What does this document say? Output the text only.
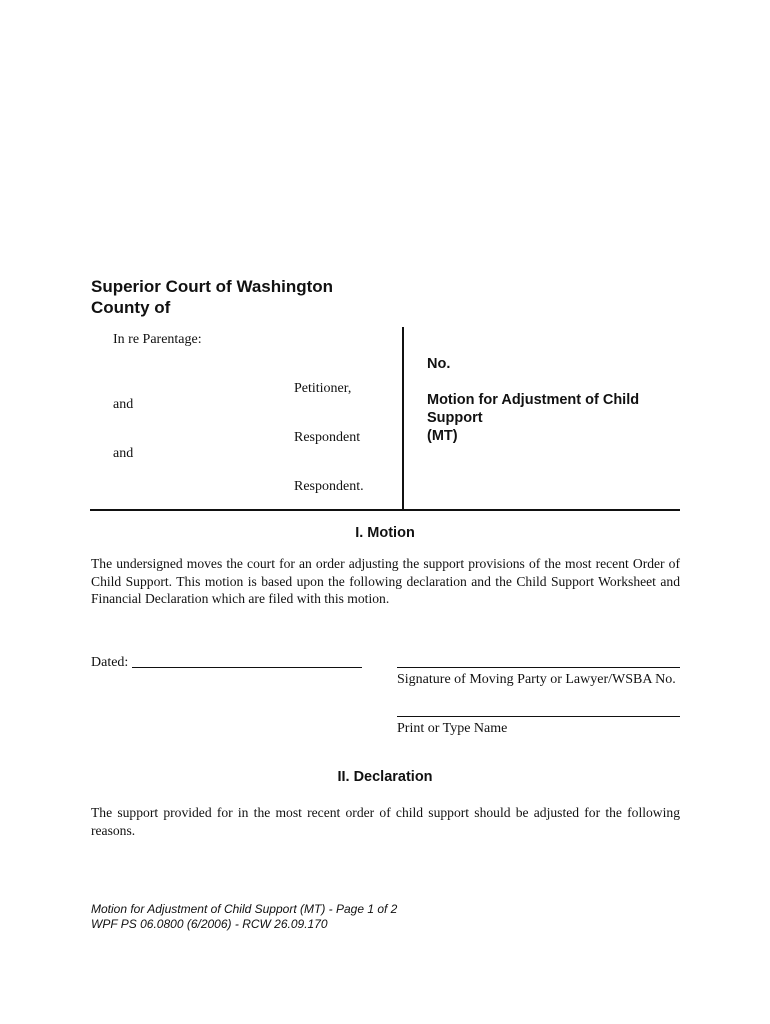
Superior Court of Washington
County of
In re Parentage:
Petitioner,
and
Respondent
and
Respondent.
No.
Motion for Adjustment of Child
Support
(MT)
I. Motion
The undersigned moves the court for an order adjusting the support provisions of the most recent Order of Child Support. This motion is based upon the following declaration and the Child Support Worksheet and Financial Declaration which are filed with this motion.
Dated:
Signature of Moving Party or Lawyer/WSBA No.
Print or Type Name
II. Declaration
The support provided for in the most recent order of child support should be adjusted for the following reasons.
Motion for Adjustment of Child Support (MT) - Page 1 of 2
WPF PS 06.0800 (6/2006) - RCW 26.09.170
